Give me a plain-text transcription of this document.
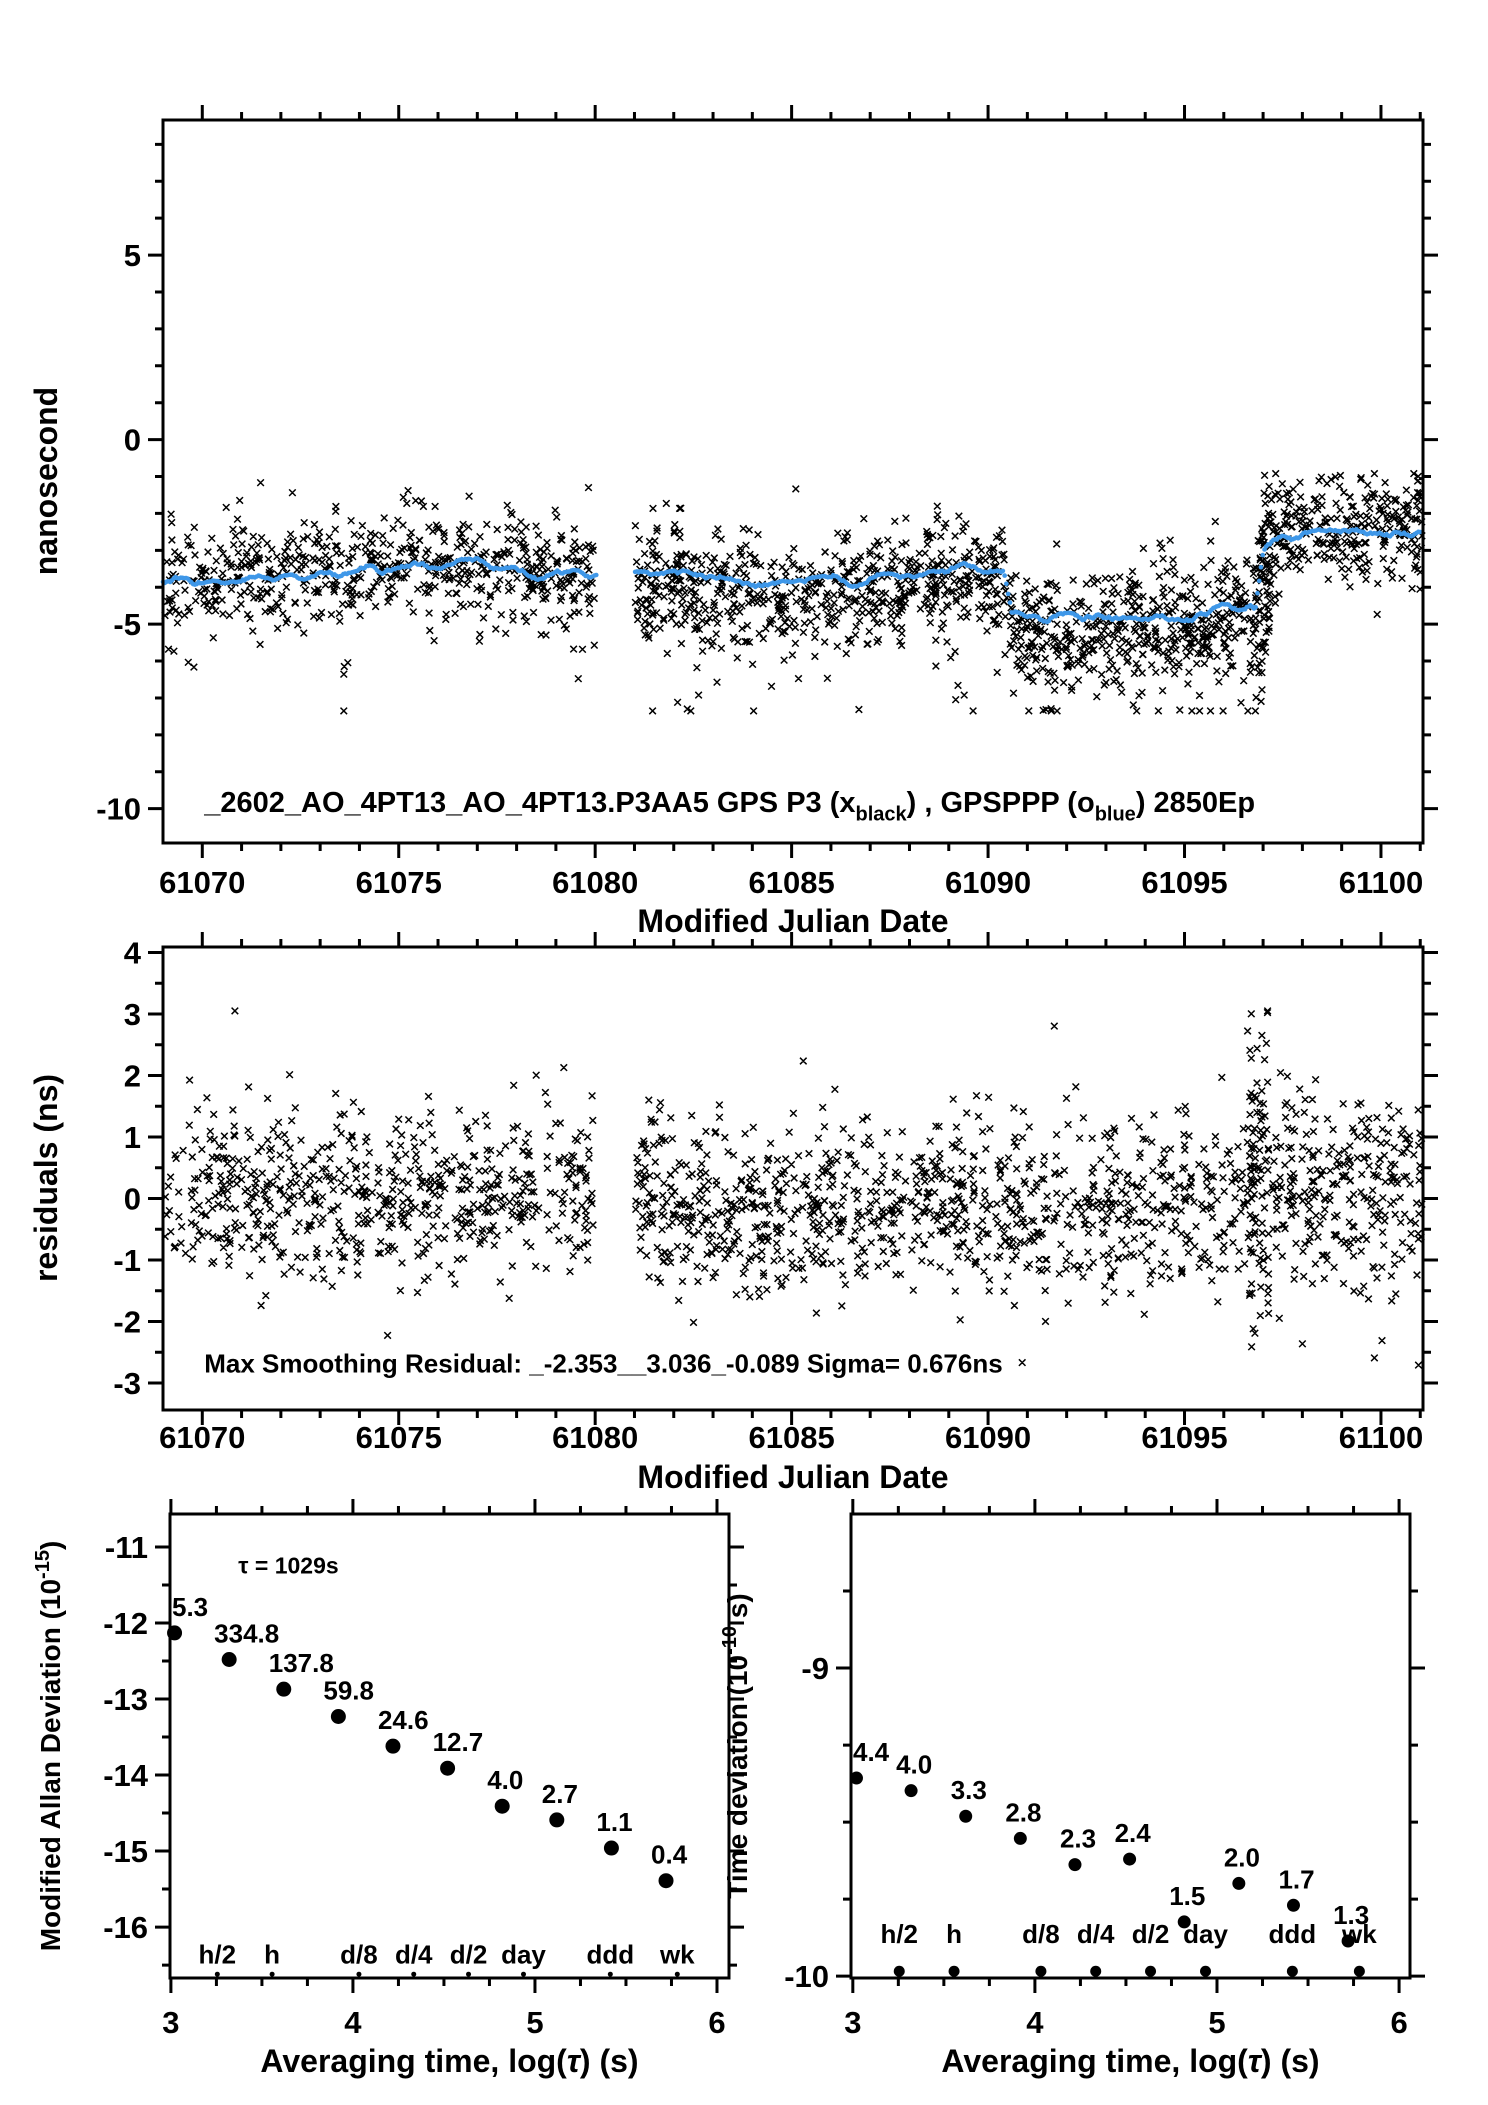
61070	61075	61080	61085	61090	61095	61100
5
0
-5
-10
Modified Julian Date
nanosecond
_2602_AO_4PT13_AO_4PT13.P3AA5 GPS P3 $(x_{black})$ , GPSPPP $(o_{blue})$ 2850Ep
61070	61075	61080	61085	61090	61095	61100
4
3
2
1
0
-1
-2
-3
Modified Julian Date
residuals (ns)
Max Smoothing Residual: _-2.353__3.036_-0.089 Sigma= 0.676ns
5.3
334.8
137.8
59.8
24.6
12.7
4.0 2.7
1.1
0.4
h/2 h d/8 d/4 d/2 day ddd wk
3	4	5	6
-11
-12
-13
-14
-15
-16
Averaging time, log(τ) (s)
Modified Allan Deviation $(10^{-15})$
τ = 1029s
4.4 4.0
3.3
2.8
2.3 2.4
1.5
2.0
1.7
1.3
h/2 h d/8 d/4 d/2 day ddd wk
3	4	5	6
-9
-10
Averaging time, log(τ) (s)
Time deviation ($10^{-10}$ s)
